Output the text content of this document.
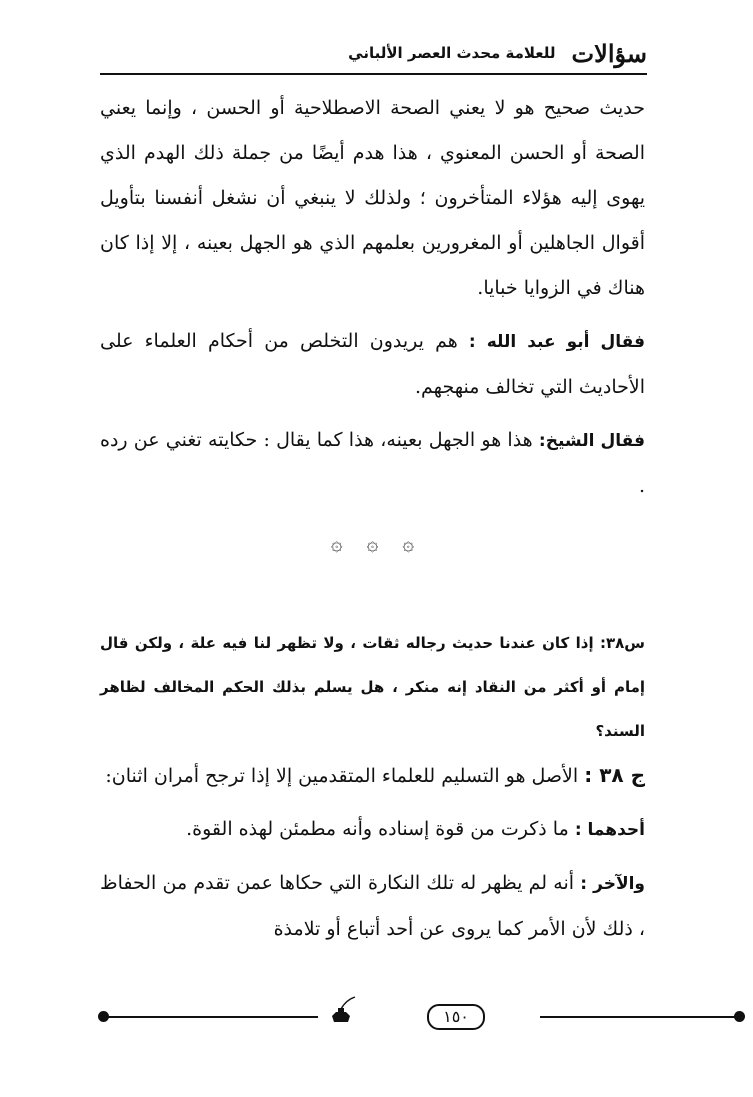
سؤالات
للعلامة محدث العصر الألباني

حديث صحيح هو لا يعني الصحة الاصطلاحية أو الحسن ، وإنما يعني الصحة أو الحسن المعنوي ، هذا هدم أيضًا من جملة ذلك الهدم الذي يهوى إليه هؤلاء المتأخرون ؛ ولذلك لا ينبغي أن نشغل أنفسنا بتأويل أقوال الجاهلين أو المغرورين بعلمهم الذي هو الجهل بعينه ، إلا إذا كان هناك في الزوايا خبايا.

فقال أبو عبد الله : هم يريدون التخلص من أحكام العلماء على الأحاديث التي تخالف منهجهم.

فقال الشيخ: هذا هو الجهل بعينه، هذا كما يقال : حكايته تغني عن رده .

۞ ۞ ۞

س٣٨: إذا كان عندنا حديث رجاله ثقات ، ولا تظهر لنا فيه علة ، ولكن قال إمام أو أكثر من النقاد إنه منكر ، هل يسلم بذلك الحكم المخالف لظاهر السند؟

ج ٣٨ : الأصل هو التسليم للعلماء المتقدمين إلا إذا ترجح أمران اثنان:

أحدهما : ما ذكرت من قوة إسناده وأنه مطمئن لهذه القوة.

والآخر : أنه لم يظهر له تلك النكارة التي حكاها عمن تقدم من الحفاظ ، ذلك لأن الأمر كما يروى عن أحد أتباع أو تلامذة

١٥٠
